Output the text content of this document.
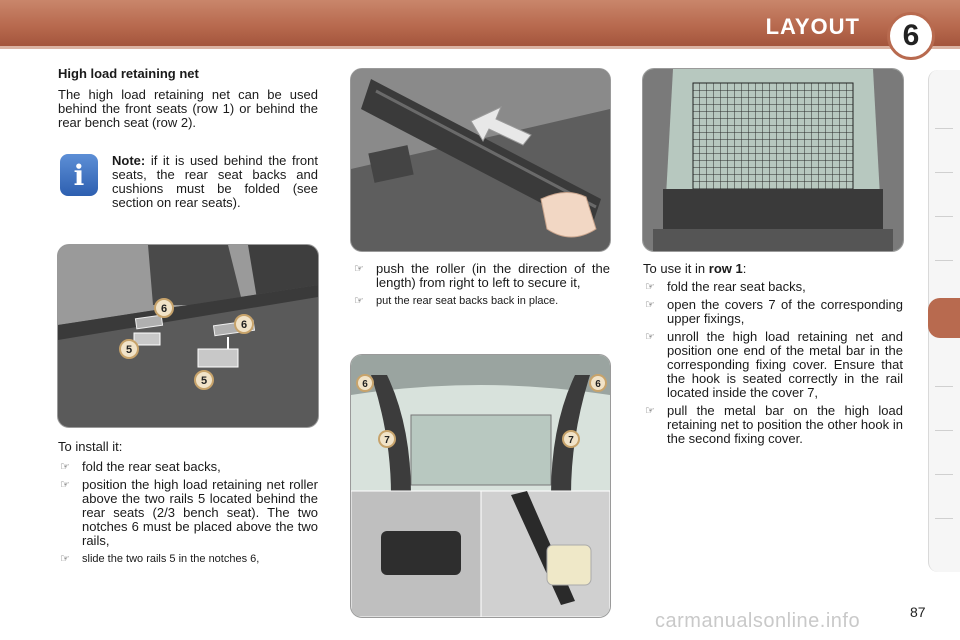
LAYOUT	6
High load retaining net
The high load retaining net can be used behind the front seats (row 1) or behind the rear bench seat (row 2).
i Note: if it is used behind the front seats, the rear seat backs and cushions must be folded (see section on rear seats).
6
5
6
5
To install it:
☞ fold the rear seat backs,
☞ position the high load retaining net roller above the two rails 5 located behind the rear seats (2/3 bench seat). The two notches 6 must be placed above the two rails,
☞ slide the two rails 5 in the notches 6,
☞ push the roller (in the direction of the length) from right to left to secure it,
☞ put the rear seat backs back in place.
6	6
7	7
To use it in row 1:
☞ fold the rear seat backs,
☞ open the covers 7 of the corresponding upper fixings,
☞ unroll the high load retaining net and position one end of the metal bar in the corresponding fixing cover. Ensure that the hook is seated correctly in the rail located inside the cover 7,
☞ pull the metal bar on the high load retaining net to position the other hook in the second fixing cover.
87
carmanualsonline.info
